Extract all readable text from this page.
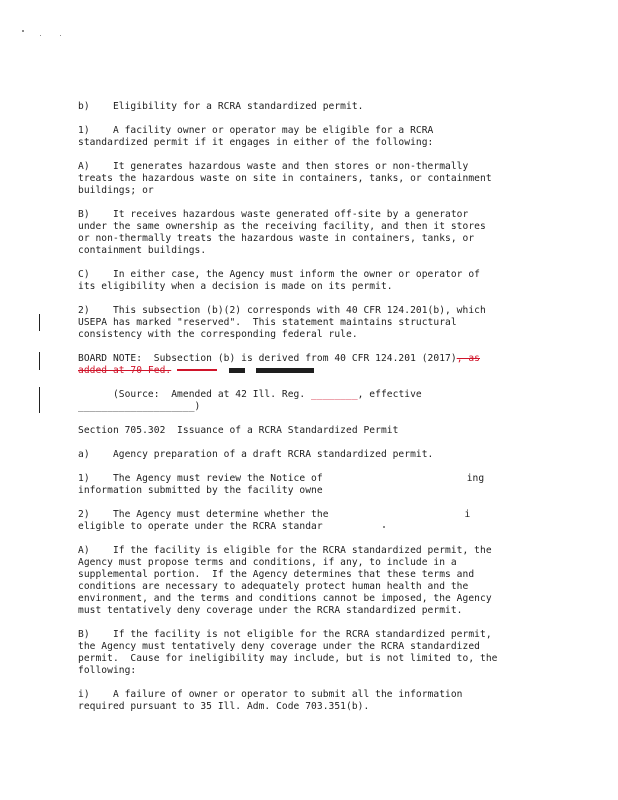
b)    Eligibility for a RCRA standardized permit.

1)    A facility owner or operator may be eligible for a RCRA

standardized permit if it engages in either of the following:

A)    It generates hazardous waste and then stores or non-thermally

treats the hazardous waste on site in containers, tanks, or containment

buildings; or

B)    It receives hazardous waste generated off-site by a generator

under the same ownership as the receiving facility, and then it stores

or non-thermally treats the hazardous waste in containers, tanks, or

containment buildings.

C)    In either case, the Agency must inform the owner or operator of

its eligibility when a decision is made on its permit.

2)    This subsection (b)(2) corresponds with 40 CFR 124.201(b), which

USEPA has marked "reserved".  This statement maintains structural

consistency with the corresponding federal rule.

BOARD NOTE:  Subsection (b) is derived from 40 CFR 124.201 (2017), as

added at 70 Fed.

(Source:  Amended at 42 Ill. Reg. ________, effective

____________________)

Section 705.302  Issuance of a RCRA Standardized Permit

a)    Agency preparation of a draft RCRA standardized permit.

1)    The Agency must review the Notice of	ing

information submitted by the facility owne

2)    The Agency must determine whether the	i

eligible to operate under the RCRA standar

A)    If the facility is eligible for the RCRA standardized permit, the

Agency must propose terms and conditions, if any, to include in a

supplemental portion.  If the Agency determines that these terms and

conditions are necessary to adequately protect human health and the

environment, and the terms and conditions cannot be imposed, the Agency

must tentatively deny coverage under the RCRA standardized permit.

B)    If the facility is not eligible for the RCRA standardized permit,

the Agency must tentatively deny coverage under the RCRA standardized

permit.  Cause for ineligibility may include, but is not limited to, the

following:

i)    A failure of owner or operator to submit all the information

required pursuant to 35 Ill. Adm. Code 703.351(b).
